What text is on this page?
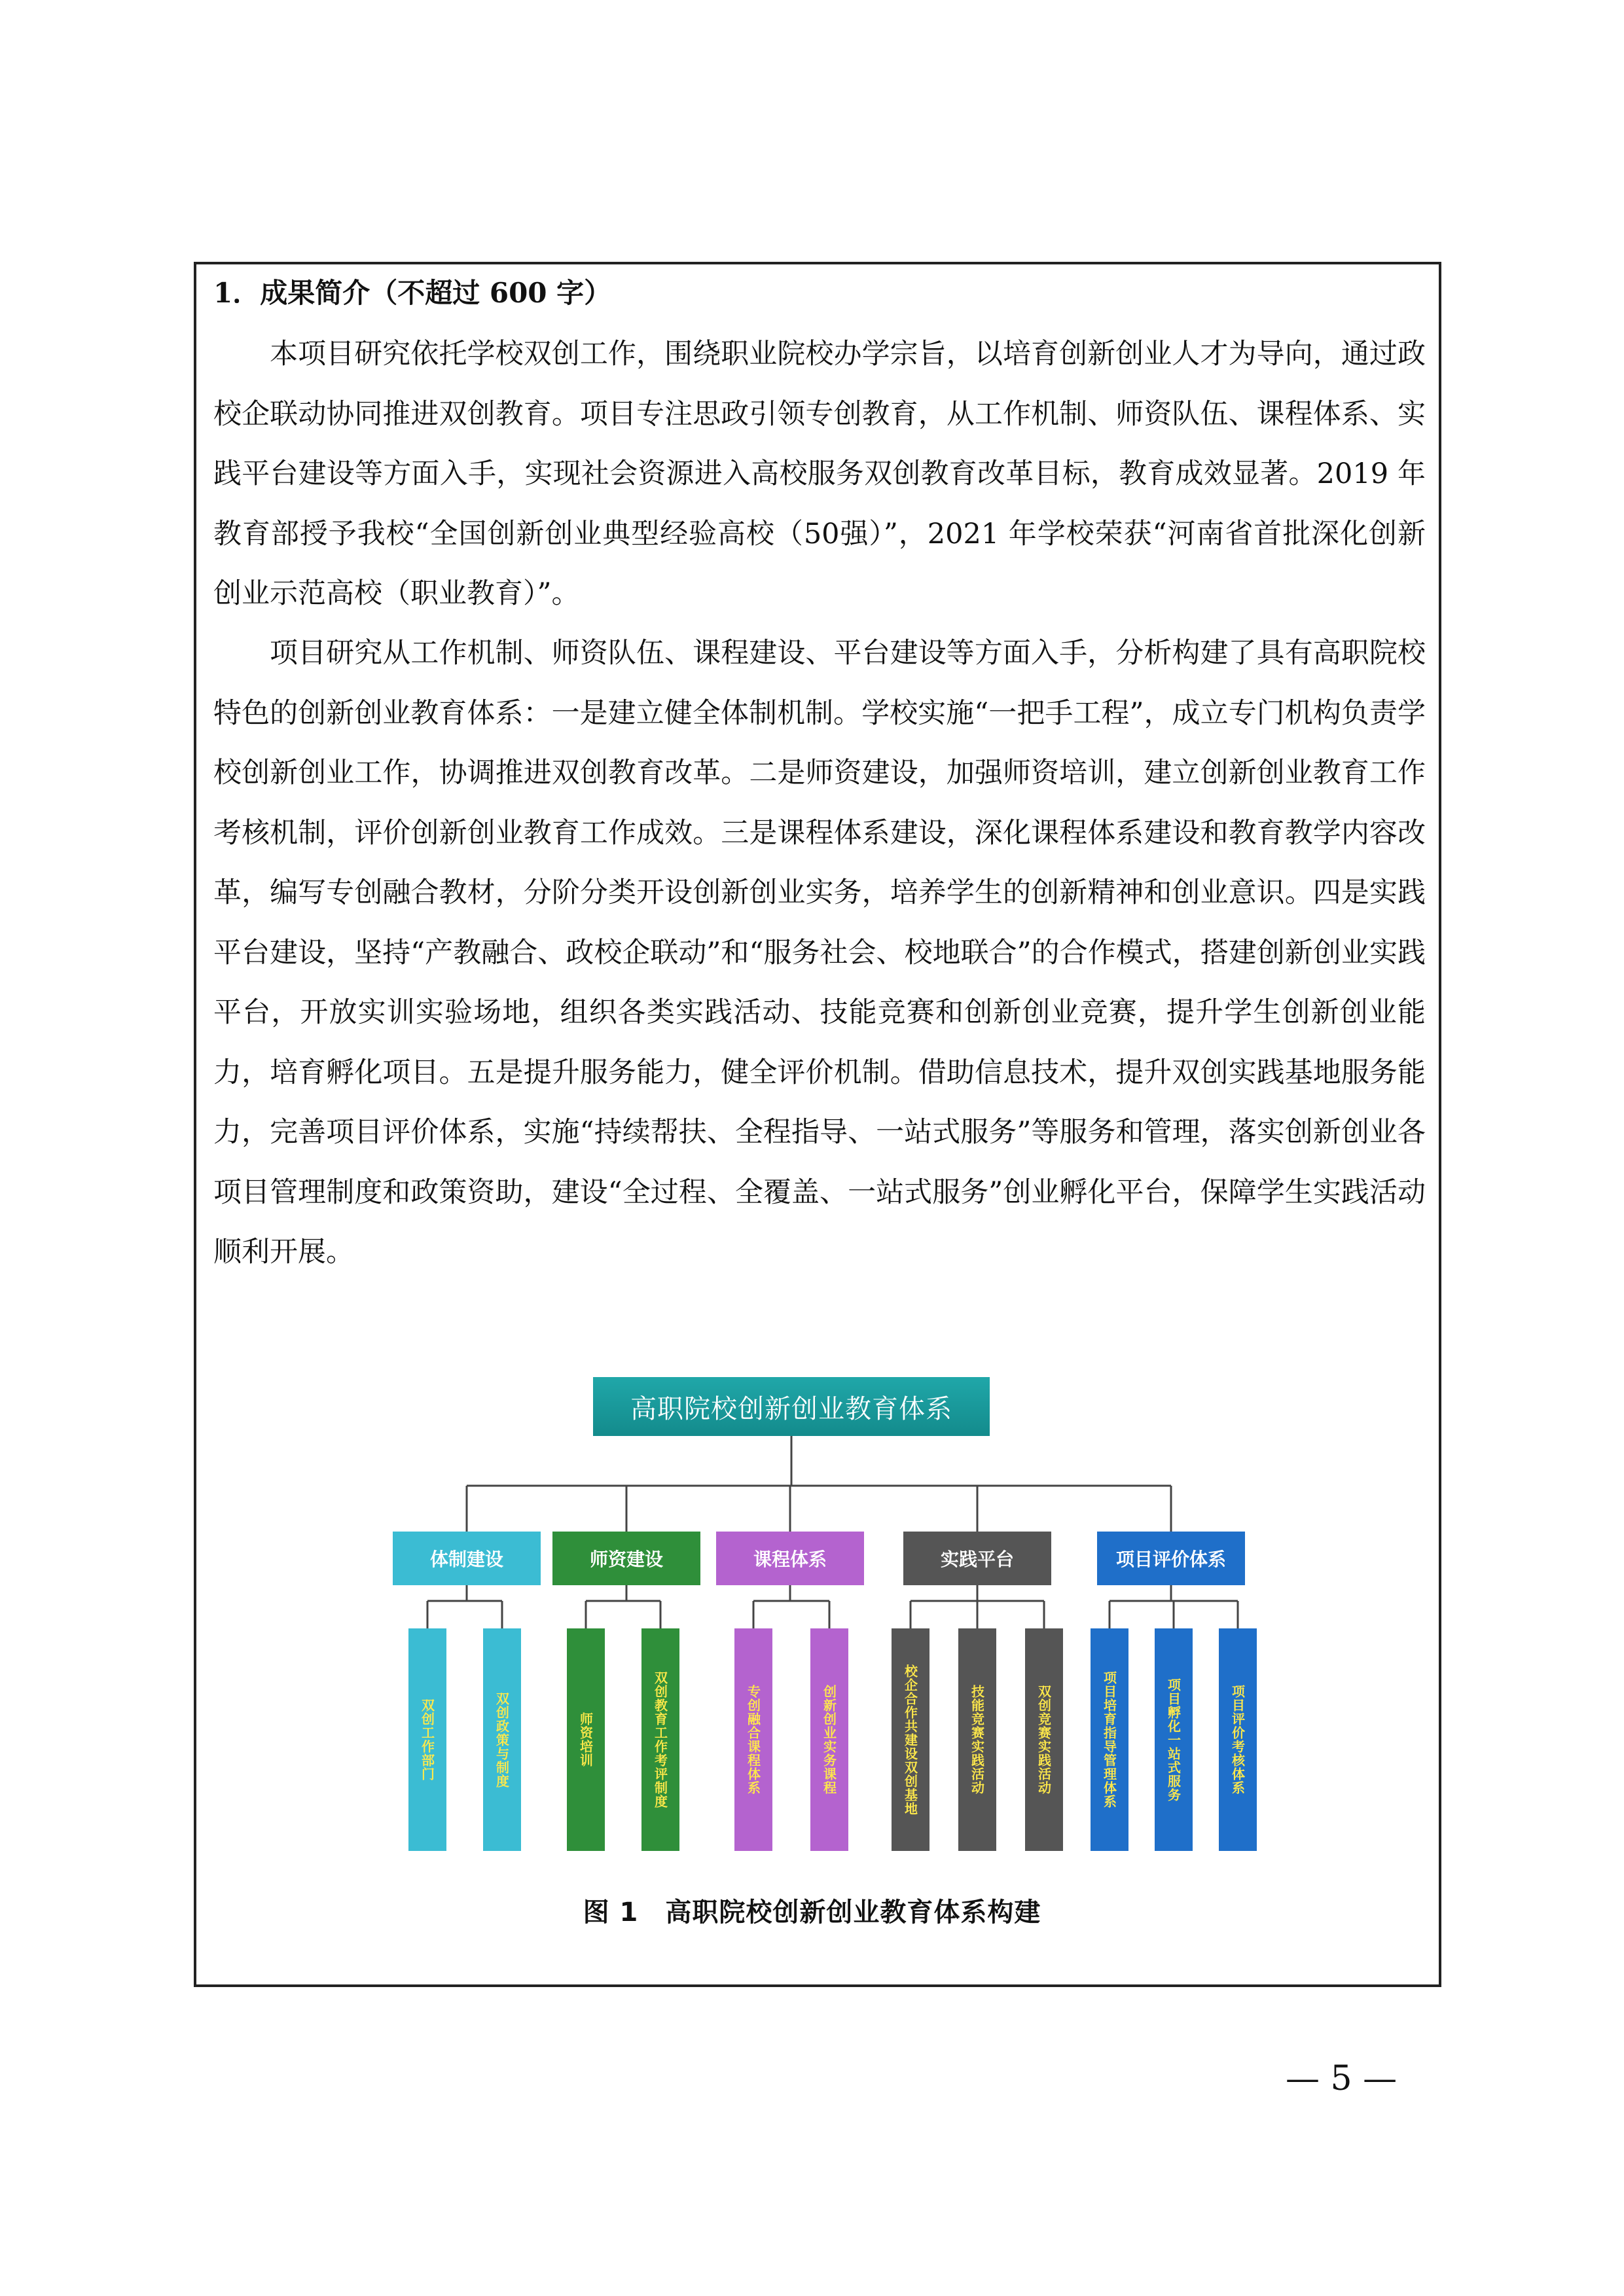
1．成果简介（不超过 600 字）

本项目研究依托学校双创工作，围绕职业院校办学宗旨，以培育创新创业人才为导向，通过政校企联动协同推进双创教育。项目专注思政引领专创教育，从工作机制、师资队伍、课程体系、实践平台建设等方面入手，实现社会资源进入高校服务双创教育改革目标，教育成效显著。2019 年教育部授予我校“全国创新创业典型经验高校（50强）”，2021 年学校荣获“河南省首批深化创新创业示范高校（职业教育）”。

项目研究从工作机制、师资队伍、课程建设、平台建设等方面入手，分析构建了具有高职院校特色的创新创业教育体系：一是建立健全体制机制。学校实施“一把手工程”，成立专门机构负责学校创新创业工作，协调推进双创教育改革。二是师资建设，加强师资培训，建立创新创业教育工作考核机制，评价创新创业教育工作成效。三是课程体系建设，深化课程体系建设和教育教学内容改革，编写专创融合教材，分阶分类开设创新创业实务，培养学生的创新精神和创业意识。四是实践平台建设，坚持“产教融合、政校企联动”和“服务社会、校地联合”的合作模式，搭建创新创业实践平台，开放实训实验场地，组织各类实践活动、技能竞赛和创新创业竞赛，提升学生创新创业能力，培育孵化项目。五是提升服务能力，健全评价机制。借助信息技术，提升双创实践基地服务能力，完善项目评价体系，实施“持续帮扶、全程指导、一站式服务”等服务和管理，落实创新创业各项目管理制度和政策资助，建设“全过程、全覆盖、一站式服务”创业孵化平台，保障学生实践活动顺利开展。

高职院校创新创业教育体系
体制建设	师资建设	课程体系	实践平台	项目评价体系
双创工作部门	双创政策与制度	师资培训	双创教育工作考评制度	专创融合课程体系	创新创业实务课程	校企合作共建设双创基地	技能竞赛实践活动	双创竞赛实践活动	项目培育指导管理体系	项目孵化一站式服务	项目评价考核体系
图 1　高职院校创新创业教育体系构建
— 5 —
